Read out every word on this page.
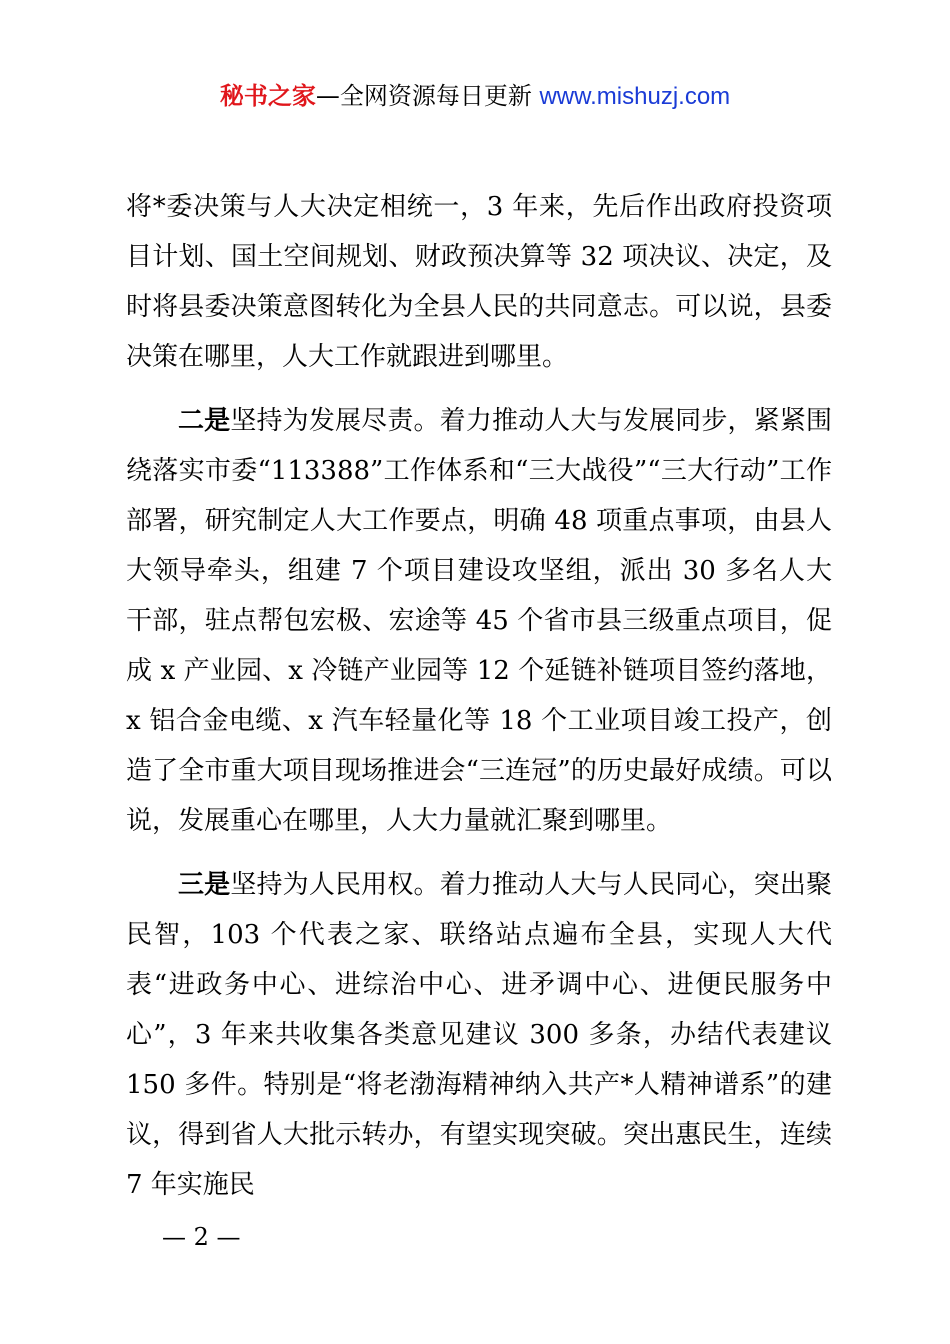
秘书之家—全网资源每日更新 www.mishuzj.com

将*委决策与人大决定相统一，3 年来，先后作出政府投资项目计划、国土空间规划、财政预决算等 32 项决议、决定，及时将县委决策意图转化为全县人民的共同意志。可以说，县委决策在哪里，人大工作就跟进到哪里。

二是坚持为发展尽责。着力推动人大与发展同步，紧紧围绕落实市委“113388”工作体系和“三大战役”“三大行动”工作部署，研究制定人大工作要点，明确 48 项重点事项，由县人大领导牵头，组建 7 个项目建设攻坚组，派出 30 多名人大干部，驻点帮包宏极、宏途等 45 个省市县三级重点项目，促成 x 产业园、x 冷链产业园等 12 个延链补链项目签约落地，x 铝合金电缆、x 汽车轻量化等 18 个工业项目竣工投产，创造了全市重大项目现场推进会“三连冠”的历史最好成绩。可以说，发展重心在哪里，人大力量就汇聚到哪里。

三是坚持为人民用权。着力推动人大与人民同心，突出聚民智，103 个代表之家、联络站点遍布全县，实现人大代表“进政务中心、进综治中心、进矛调中心、进便民服务中心”，3 年来共收集各类意见建议 300 多条，办结代表建议 150 多件。特别是“将老渤海精神纳入共产*人精神谱系”的建议，得到省人大批示转办，有望实现突破。突出惠民生，连续 7 年实施民

— 2 —
